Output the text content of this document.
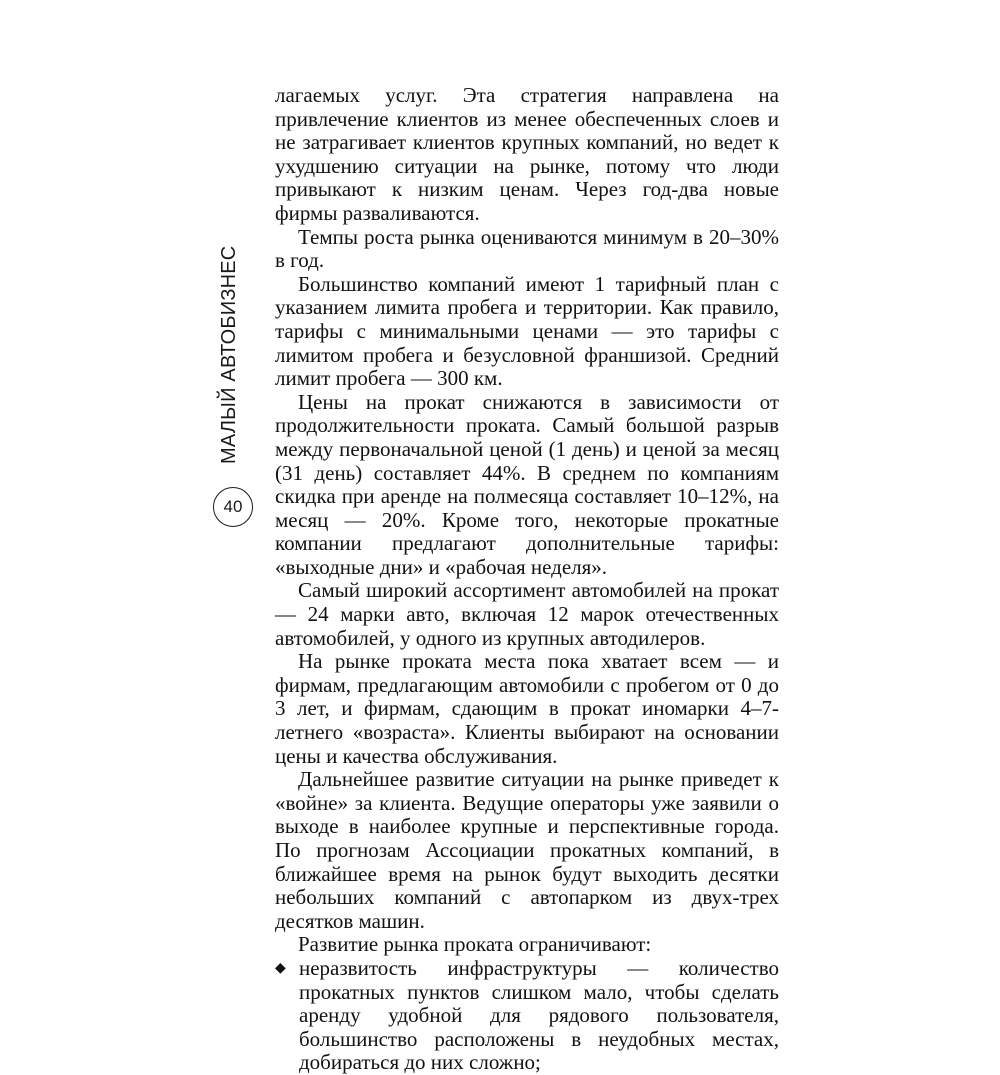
МАЛЫЙ АВТОБИЗНЕС
40

лагаемых услуг. Эта стратегия направлена на привлечение клиентов из менее обеспеченных слоев и не затрагивает клиентов крупных компаний, но ведет к ухудшению ситуации на рынке, потому что люди привыкают к низким ценам. Через год-два новые фирмы разваливаются.

Темпы роста рынка оцениваются минимум в 20–30% в год.

Большинство компаний имеют 1 тарифный план с указанием лимита пробега и территории. Как правило, тарифы с минимальными ценами — это тарифы с лимитом пробега и безусловной франшизой. Средний лимит пробега — 300 км.

Цены на прокат снижаются в зависимости от продолжительности проката. Самый большой разрыв между первоначальной ценой (1 день) и ценой за месяц (31 день) составляет 44%. В среднем по компаниям скидка при аренде на полмесяца составляет 10–12%, на месяц — 20%. Кроме того, некоторые прокатные компании предлагают дополнительные тарифы: «выходные дни» и «рабочая неделя».

Самый широкий ассортимент автомобилей на прокат — 24 марки авто, включая 12 марок отечественных автомобилей, у одного из крупных автодилеров.

На рынке проката места пока хватает всем — и фирмам, предлагающим автомобили с пробегом от 0 до 3 лет, и фирмам, сдающим в прокат иномарки 4–7-летнего «возраста». Клиенты выбирают на основании цены и качества обслуживания.

Дальнейшее развитие ситуации на рынке приведет к «войне» за клиента. Ведущие операторы уже заявили о выходе в наиболее крупные и перспективные города. По прогнозам Ассоциации прокатных компаний, в ближайшее время на рынок будут выходить десятки небольших компаний с автопарком из двух-трех десятков машин.

Развитие рынка проката ограничивают:

◆ неразвитость инфраструктуры — количество прокатных пунктов слишком мало, чтобы сделать аренду удобной для рядового пользователя, большинство расположены в неудобных местах, добираться до них сложно;
